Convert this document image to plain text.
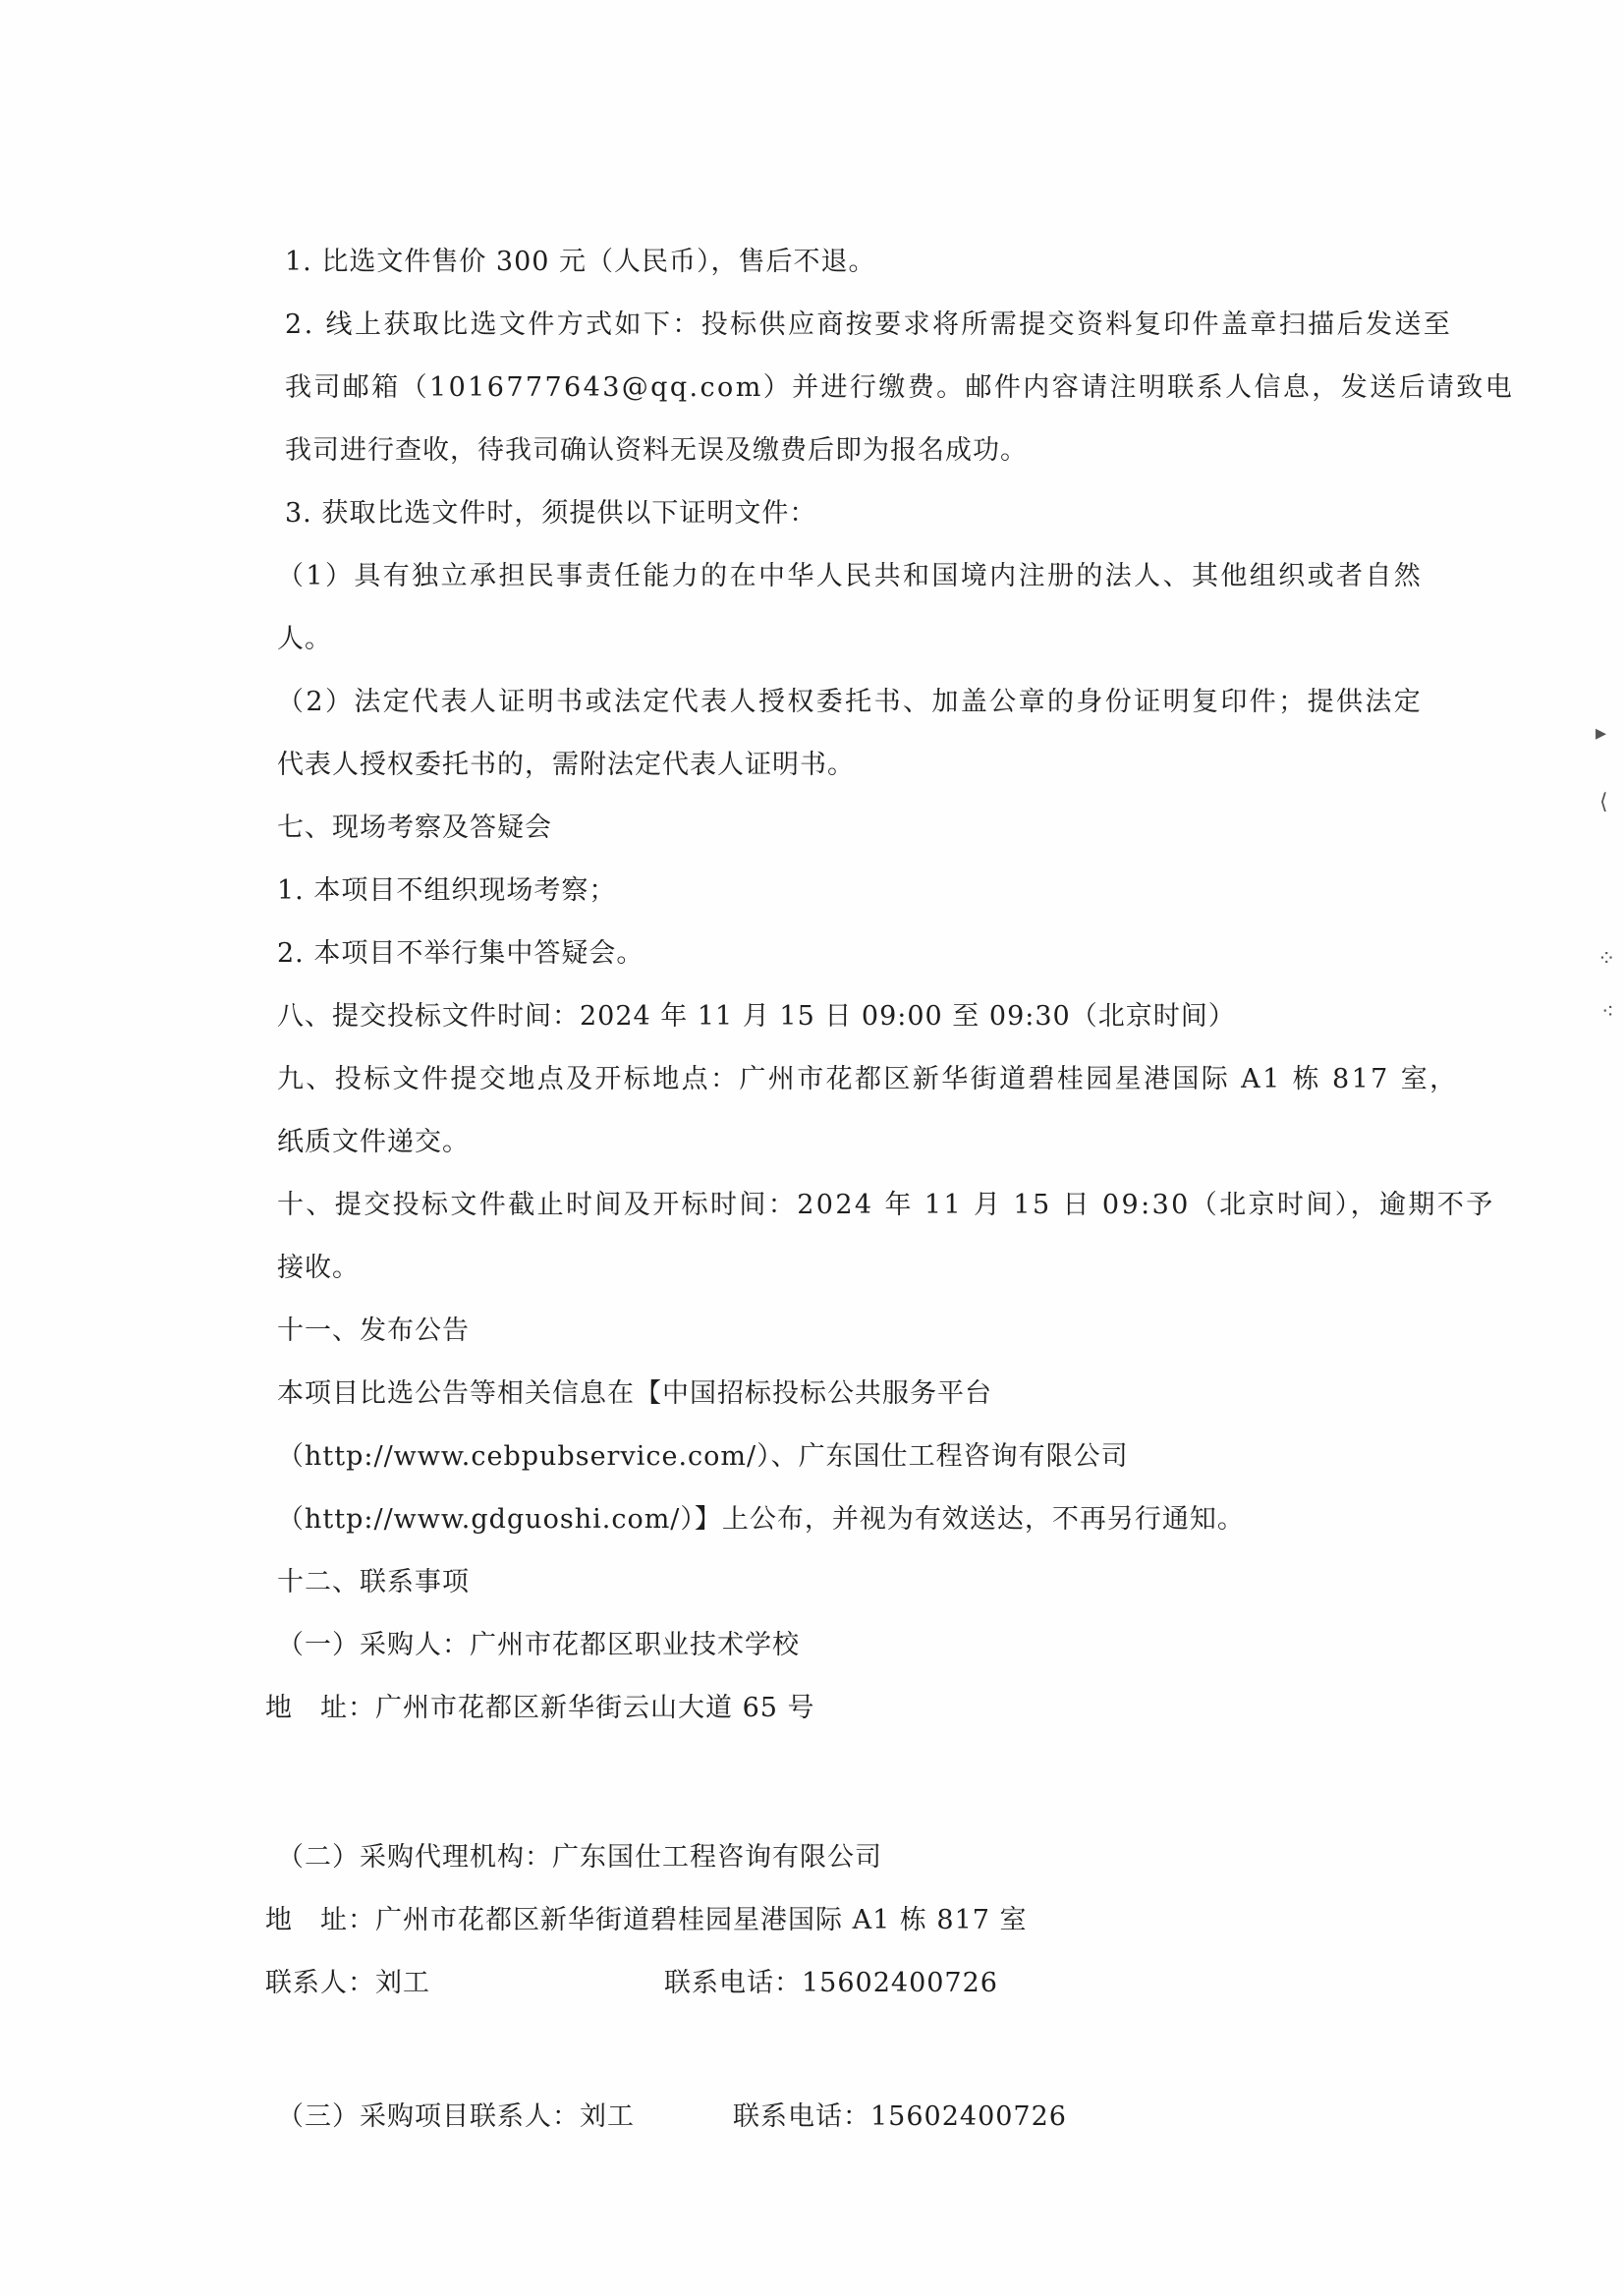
1. 比选文件售价 300 元（人民币），售后不退。
2. 线上获取比选文件方式如下：投标供应商按要求将所需提交资料复印件盖章扫描后发送至
我司邮箱（1016777643@qq.com）并进行缴费。邮件内容请注明联系人信息，发送后请致电
我司进行查收，待我司确认资料无误及缴费后即为报名成功。
3. 获取比选文件时，须提供以下证明文件：
（1）具有独立承担民事责任能力的在中华人民共和国境内注册的法人、其他组织或者自然
人。
（2）法定代表人证明书或法定代表人授权委托书、加盖公章的身份证明复印件；提供法定
代表人授权委托书的，需附法定代表人证明书。
七、现场考察及答疑会
1. 本项目不组织现场考察；
2. 本项目不举行集中答疑会。
八、提交投标文件时间：2024 年 11 月 15 日 09:00 至 09:30（北京时间）
九、投标文件提交地点及开标地点：广州市花都区新华街道碧桂园星港国际 A1 栋 817 室，
纸质文件递交。
十、提交投标文件截止时间及开标时间：2024 年 11 月 15 日 09:30（北京时间），逾期不予
接收。
十一、发布公告
本项目比选公告等相关信息在【中国招标投标公共服务平台
（http://www.cebpubservice.com/）、广东国仕工程咨询有限公司
（http://www.gdguoshi.com/）】上公布，并视为有效送达，不再另行通知。
十二、联系事项
（一）采购人：广州市花都区职业技术学校
地　址：广州市花都区新华街云山大道 65 号
（二）采购代理机构：广东国仕工程咨询有限公司
地　址：广州市花都区新华街道碧桂园星港国际 A1 栋 817 室
联系人：刘工	联系电话：15602400726
（三）采购项目联系人：刘工	联系电话：15602400726
▸
⟨
⁘
⁖
